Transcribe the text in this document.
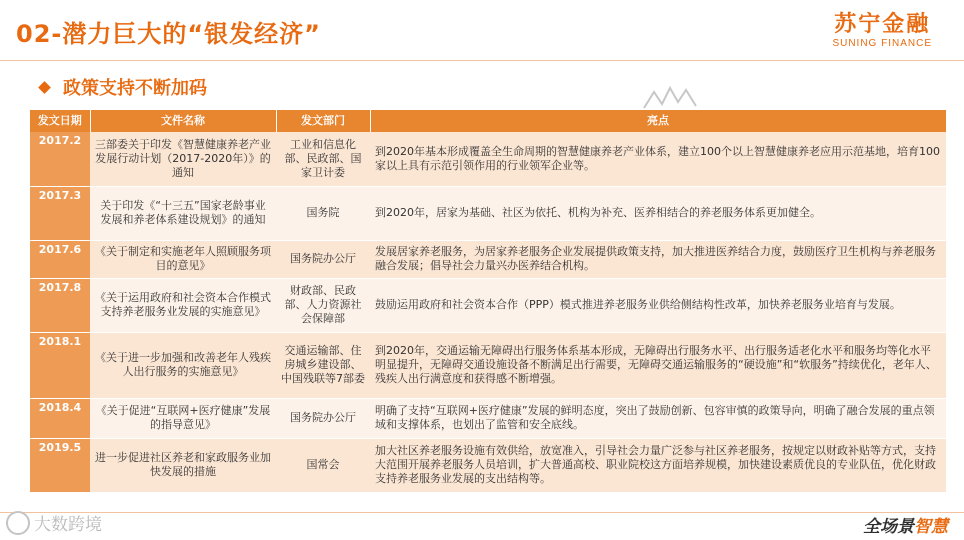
02-潜力巨大的“银发经济”	苏宁金融
SUNING FINANCE
政策支持不断加码
发文日期	文件名称	发文部门	亮点
2017.2	三部委关于印发《智慧健康养老产业发展行动计划（2017-2020年）》的通知	工业和信息化部、民政部、国家卫计委	到2020年基本形成覆盖全生命周期的智慧健康养老产业体系，建立100个以上智慧健康养老应用示范基地，培育100家以上具有示范引领作用的行业领军企业等。
2017.3	关于印发《“十三五”国家老龄事业发展和养老体系建设规划》的通知	国务院	到2020年，居家为基础、社区为依托、机构为补充、医养相结合的养老服务体系更加健全。
2017.6	《关于制定和实施老年人照顾服务项目的意见》	国务院办公厅	发展居家养老服务，为居家养老服务企业发展提供政策支持，加大推进医养结合力度，鼓励医疗卫生机构与养老服务融合发展；倡导社会力量兴办医养结合机构。
2017.8	《关于运用政府和社会资本合作模式支持养老服务业发展的实施意见》	财政部、民政部、人力资源社会保障部	鼓励运用政府和社会资本合作（PPP）模式推进养老服务业供给侧结构性改革，加快养老服务业培育与发展。
2018.1	《关于进一步加强和改善老年人残疾人出行服务的实施意见》	交通运输部、住房城乡建设部、中国残联等7部委	到2020年，交通运输无障碍出行服务体系基本形成，无障碍出行服务水平、出行服务适老化水平和服务均等化水平明显提升，无障碍交通设施设备不断满足出行需要，无障碍交通运输服务的“硬设施”和“软服务”持续优化，老年人、残疾人出行满意度和获得感不断增强。
2018.4	《关于促进“互联网+医疗健康”发展的指导意见》	国务院办公厅	明确了支持“互联网+医疗健康”发展的鲜明态度，突出了鼓励创新、包容审慎的政策导向，明确了融合发展的重点领域和支撑体系，也划出了监管和安全底线。
2019.5	进一步促进社区养老和家政服务业加快发展的措施	国常会	加大社区养老服务设施有效供给，放宽准入，引导社会力量广泛参与社区养老服务，按规定以财政补贴等方式，支持大范围开展养老服务人员培训，扩大普通高校、职业院校这方面培养规模，加快建设素质优良的专业队伍，优化财政支持养老服务业发展的支出结构等。
大数跨境	全场景智慧
